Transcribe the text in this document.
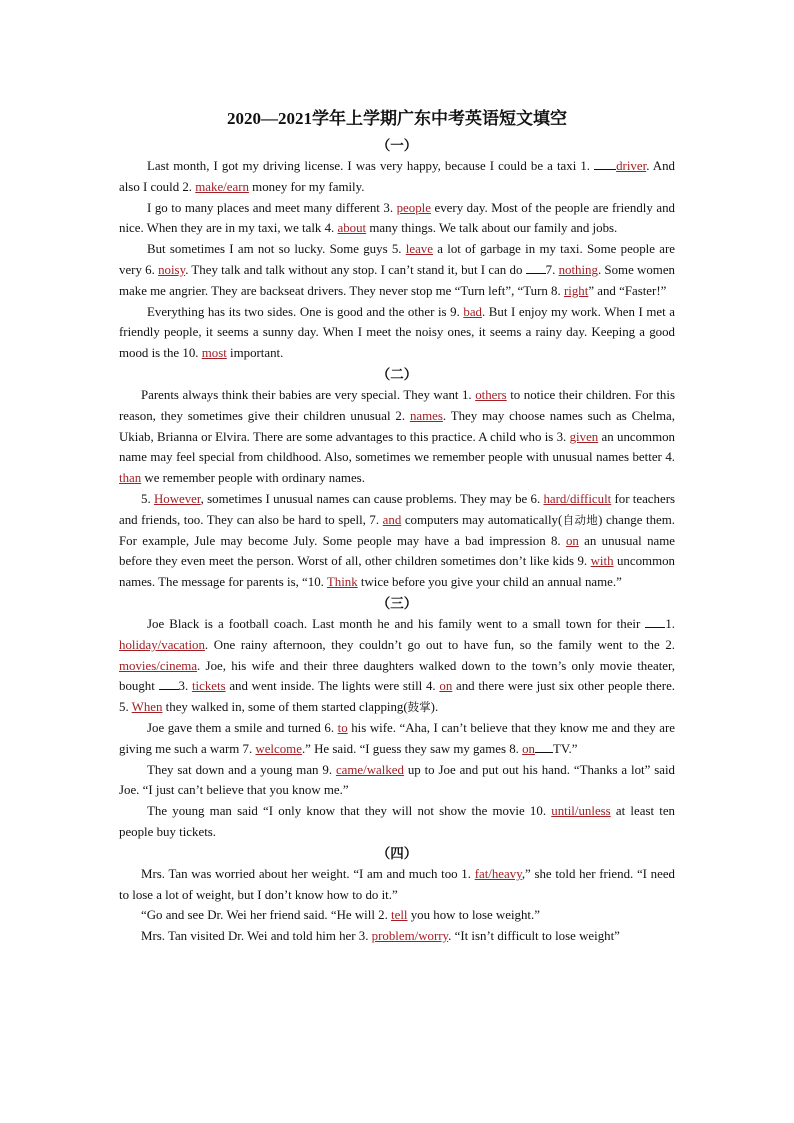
2020—2021学年上学期广东中考英语短文填空
（一）

Last month, I got my driving license. I was very happy, because I could be a taxi 1. driver. And also I could 2. make/earn money for my family.

I go to many places and meet many different 3. people every day. Most of the people are friendly and nice. When they are in my taxi, we talk 4. about many things. We talk about our family and jobs.

But sometimes I am not so lucky. Some guys 5. leave a lot of garbage in my taxi. Some people are very 6. noisy. They talk and talk without any stop. I can’t stand it, but I can do 7. nothing. Some women make me angrier. They are backseat drivers. They never stop me “Turn left”, “Turn 8. right” and “Faster!”

Everything has its two sides. One is good and the other is 9. bad. But I enjoy my work. When I met a friendly people, it seems a sunny day. When I meet the noisy ones, it seems a rainy day. Keeping a good mood is the 10. most important.

（二）

Parents always think their babies are very special. They want 1. others to notice their children. For this reason, they sometimes give their children unusual 2. names. They may choose names such as Chelma, Ukiab, Brianna or Elvira. There are some advantages to this practice. A child who is 3. given an uncommon name may feel special from childhood. Also, sometimes we remember people with unusual names better 4. than we remember people with ordinary names.

5. However, sometimes I unusual names can cause problems. They may be 6. hard/difficult for teachers and friends, too. They can also be hard to spell, 7. and computers may automatically(自动地) change them. For example, Jule may become July. Some people may have a bad impression 8. on an unusual name before they even meet the person. Worst of all, other children sometimes don’t like kids 9. with uncommon names. The message for parents is, “10. Think twice before you give your child an annual name.”

（三）

Joe Black is a football coach. Last month he and his family went to a small town for their 1. holiday/vacation. One rainy afternoon, they couldn’t go out to have fun, so the family went to the 2. movies/cinema. Joe, his wife and their three daughters walked down to the town’s only movie theater, bought 3. tickets and went inside. The lights were still 4. on and there were just six other people there. 5. When they walked in, some of them started clapping(鼓掌).

Joe gave them a smile and turned 6. to his wife. “Aha, I can’t believe that they know me and they are giving me such a warm 7. welcome.” He said. “I guess they saw my games 8. on TV.”

They sat down and a young man 9. came/walked up to Joe and put out his hand. “Thanks a lot” said Joe. “I just can’t believe that you know me.”

The young man said “I only know that they will not show the movie 10. until/unless at least ten people buy tickets.

（四）

Mrs. Tan was worried about her weight. “I am and much too 1. fat/heavy,” she told her friend. “I need to lose a lot of weight, but I don’t know how to do it.”

“Go and see Dr. Wei her friend said. “He will 2. tell you how to lose weight.”

Mrs. Tan visited Dr. Wei and told him her 3. problem/worry. “It isn’t difficult to lose weight”
